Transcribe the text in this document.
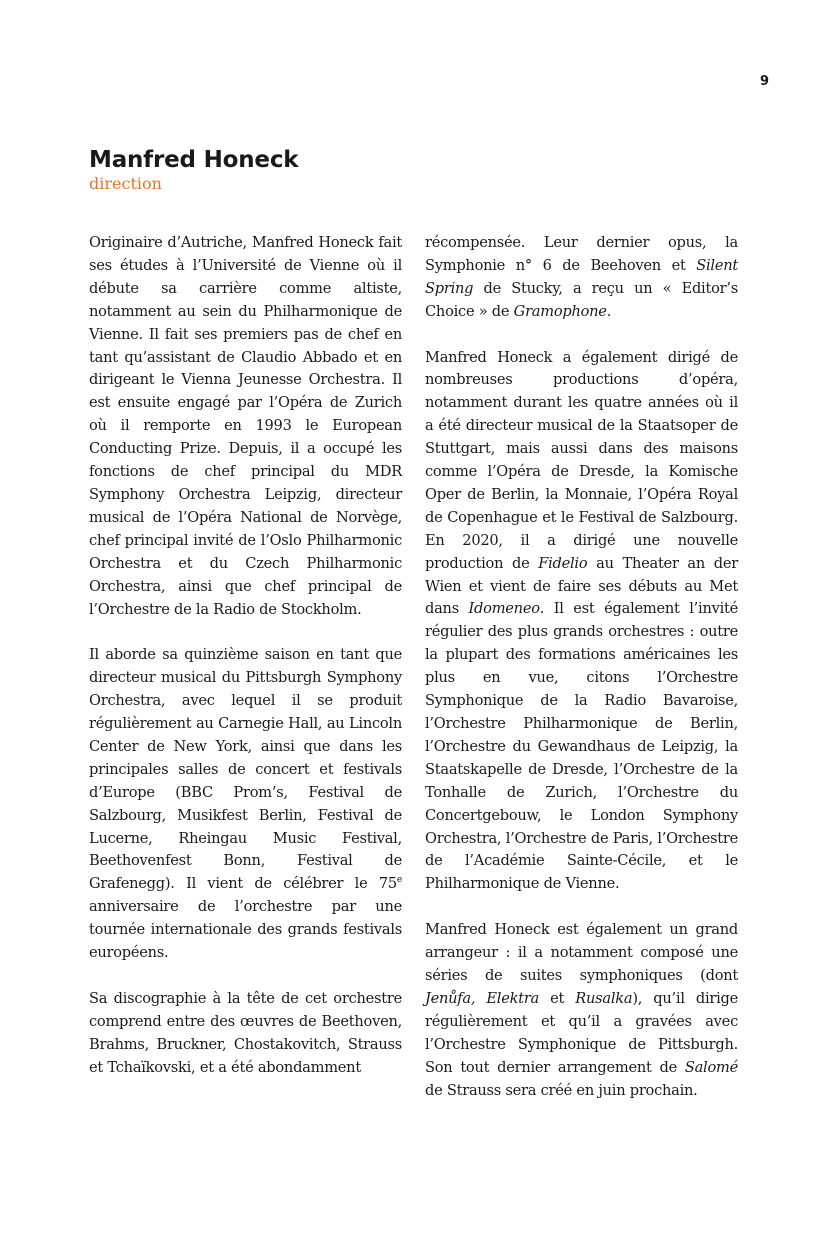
9
Manfred Honeck
direction

Originaire d’Autriche, Manfred Honeck fait ses études à l’Université de Vienne où il débute sa carrière comme altiste, notamment au sein du Philharmonique de Vienne. Il fait ses premiers pas de chef en tant qu’assistant de Claudio Abbado et en dirigeant le Vienna Jeunesse Orchestra. Il est ensuite engagé par l’Opéra de Zurich où il remporte en 1993 le European Conducting Prize. Depuis, il a occupé les fonctions de chef principal du MDR Symphony Orchestra Leipzig, directeur musical de l’Opéra National de Norvège, chef principal invité de l’Oslo Philharmonic Orchestra et du Czech Philharmonic Orchestra, ainsi que chef principal de l’Orchestre de la Radio de Stockholm.

Il aborde sa quinzième saison en tant que directeur musical du Pittsburgh Symphony Orchestra, avec lequel il se produit régulièrement au Carnegie Hall, au Lincoln Center de New York, ainsi que dans les principales salles de concert et festivals d’Europe (BBC Prom’s, Festival de Salzbourg, Musikfest Berlin, Festival de Lucerne, Rheingau Music Festival, Beethovenfest Bonn, Festival de Grafenegg). Il vient de célébrer le 75e anniversaire de l’orchestre par une tournée internationale des grands festivals européens.

Sa discographie à la tête de cet orchestre comprend entre des œuvres de Beethoven, Brahms, Bruckner, Chostakovitch, Strauss et Tchaïkovski, et a été abondamment

récompensée. Leur dernier opus, la Symphonie n° 6 de Beehoven et Silent Spring de Stucky, a reçu un « Editor’s Choice » de Gramophone.

Manfred Honeck a également dirigé de nombreuses productions d’opéra, notamment durant les quatre années où il a été directeur musical de la Staatsoper de Stuttgart, mais aussi dans des maisons comme l’Opéra de Dresde, la Komische Oper de Berlin, la Monnaie, l’Opéra Royal de Copenhague et le Festival de Salzbourg. En 2020, il a dirigé une nouvelle production de Fidelio au Theater an der Wien et vient de faire ses débuts au Met dans Idomeneo. Il est également l’invité régulier des plus grands orchestres : outre la plupart des formations américaines les plus en vue, citons l’Orchestre Symphonique de la Radio Bavaroise, l’Orchestre Philharmonique de Berlin, l’Orchestre du Gewandhaus de Leipzig, la Staatskapelle de Dresde, l’Orchestre de la Tonhalle de Zurich, l’Orchestre du Concertgebouw, le London Symphony Orchestra, l’Orchestre de Paris, l’Orchestre de l’Académie Sainte-Cécile, et le Philharmonique de Vienne.

Manfred Honeck est également un grand arrangeur : il a notamment composé une séries de suites symphoniques (dont Jenůfa, Elektra et Rusalka), qu’il dirige régulièrement et qu’il a gravées avec l’Orchestre Symphonique de Pittsburgh. Son tout dernier arrangement de Salomé de Strauss sera créé en juin prochain.
